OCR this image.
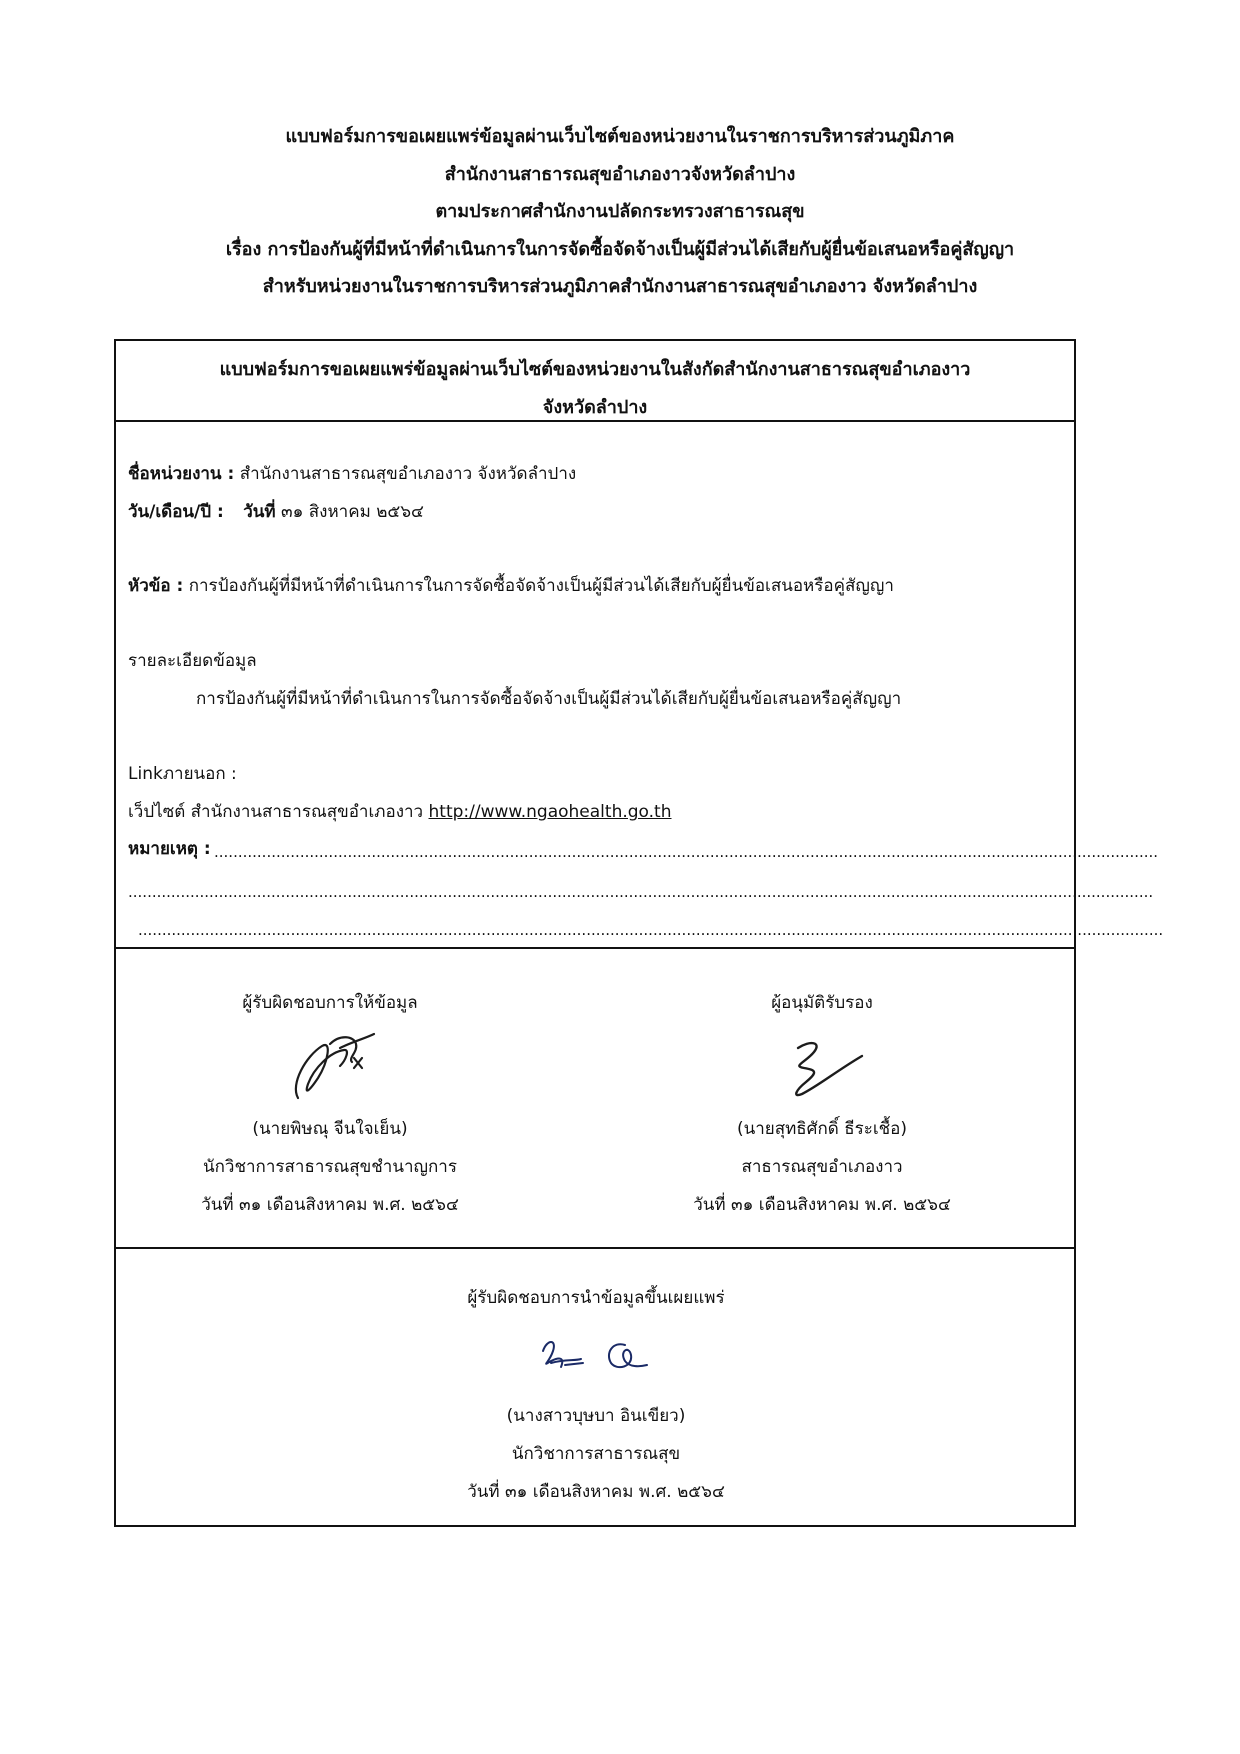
แบบฟอร์มการขอเผยแพร่ข้อมูลผ่านเว็บไซต์ของหน่วยงานในราชการบริหารส่วนภูมิภาค
สำนักงานสาธารณสุขอำเภองาวจังหวัดลำปาง
ตามประกาศสำนักงานปลัดกระทรวงสาธารณสุข
เรื่อง การป้องกันผู้ที่มีหน้าที่ดำเนินการในการจัดซื้อจัดจ้างเป็นผู้มีส่วนได้เสียกับผู้ยื่นข้อเสนอหรือคู่สัญญา
สำหรับหน่วยงานในราชการบริหารส่วนภูมิภาคสำนักงานสาธารณสุขอำเภองาว จังหวัดลำปาง
แบบฟอร์มการขอเผยแพร่ข้อมูลผ่านเว็บไซต์ของหน่วยงานในสังกัดสำนักงานสาธารณสุขอำเภองาว
จังหวัดลำปาง
ชื่อหน่วยงาน : สำนักงานสาธารณสุขอำเภองาว จังหวัดลำปาง
วัน/เดือน/ปี : วันที่ ๓๑ สิงหาคม ๒๕๖๔
หัวข้อ : การป้องกันผู้ที่มีหน้าที่ดำเนินการในการจัดซื้อจัดจ้างเป็นผู้มีส่วนได้เสียกับผู้ยื่นข้อเสนอหรือคู่สัญญา
รายละเอียดข้อมูล
การป้องกันผู้ที่มีหน้าที่ดำเนินการในการจัดซื้อจัดจ้างเป็นผู้มีส่วนได้เสียกับผู้ยื่นข้อเสนอหรือคู่สัญญา
Linkภายนอก :
เว็ปไซต์ สำนักงานสาธารณสุขอำเภองาว http://www.ngaohealth.go.th
หมายเหตุ : ......................................................................................................................................................................................................
.......................................................................................................................................................................................................................
.......................................................................................................................................................................................................................
ผู้รับผิดชอบการให้ข้อมูล
(นายพิษณุ จีนใจเย็น)
นักวิชาการสาธารณสุขชำนาญการ
วันที่ ๓๑ เดือนสิงหาคม พ.ศ. ๒๕๖๔
ผู้อนุมัติรับรอง
(นายสุทธิศักดิ์ ธีระเชื้อ)
สาธารณสุขอำเภองาว
วันที่ ๓๑ เดือนสิงหาคม พ.ศ. ๒๕๖๔
ผู้รับผิดชอบการนำข้อมูลขึ้นเผยแพร่
(นางสาวบุษบา อินเขียว)
นักวิชาการสาธารณสุข
วันที่ ๓๑ เดือนสิงหาคม พ.ศ. ๒๕๖๔
